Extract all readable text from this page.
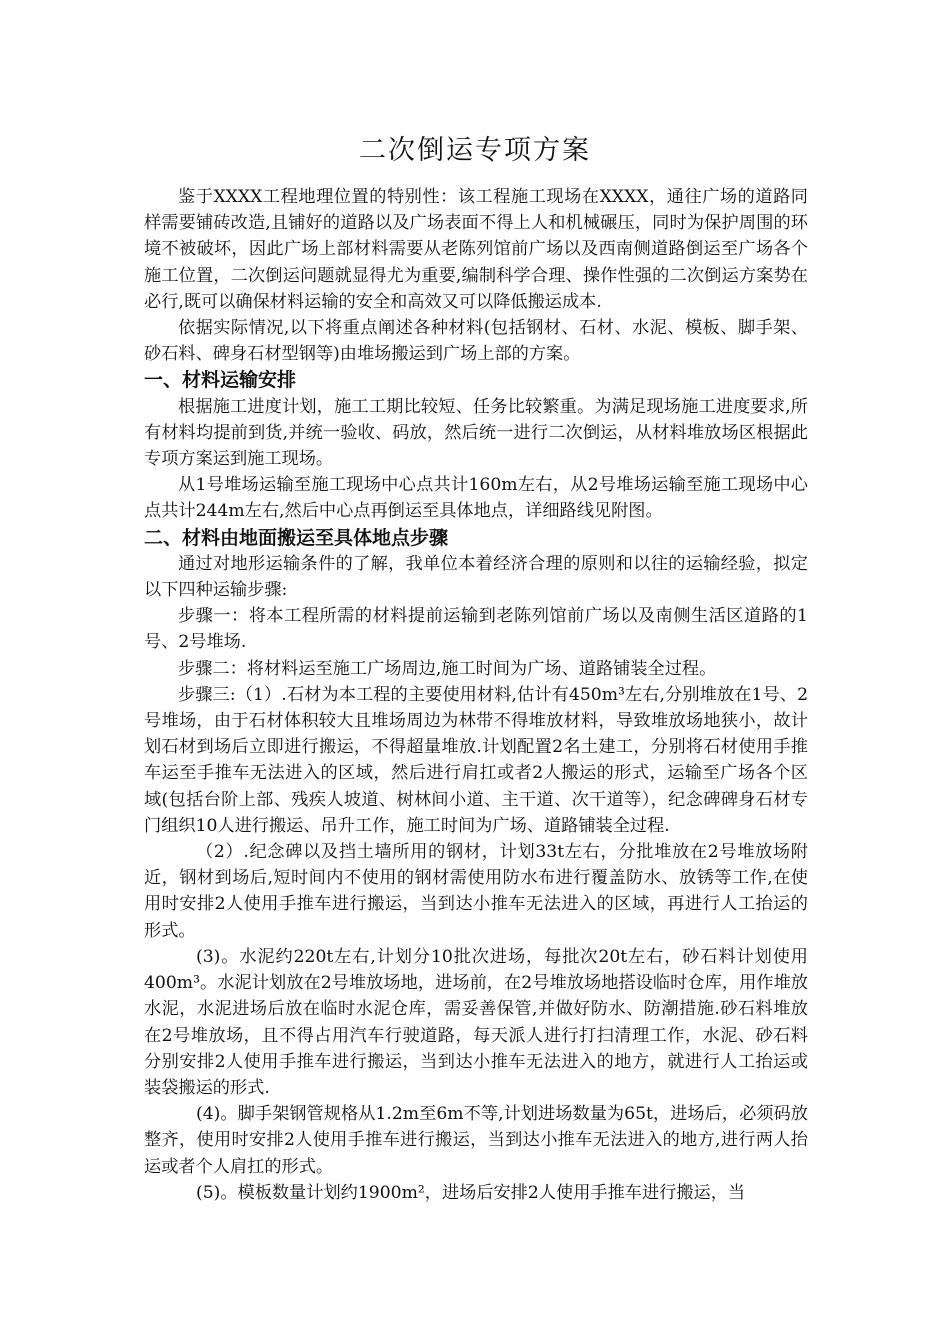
二次倒运专项方案

鉴于XXXX工程地理位置的特别性：该工程施工现场在XXXX，通往广场的道路同样需要铺砖改造,且铺好的道路以及广场表面不得上人和机械碾压，同时为保护周围的环境不被破坏，因此广场上部材料需要从老陈列馆前广场以及西南侧道路倒运至广场各个施工位置，二次倒运问题就显得尤为重要,编制科学合理、操作性强的二次倒运方案势在必行,既可以确保材料运输的安全和高效又可以降低搬运成本.

依据实际情况,以下将重点阐述各种材料(包括钢材、石材、水泥、模板、脚手架、砂石料、碑身石材型钢等)由堆场搬运到广场上部的方案。

一、材料运输安排

根据施工进度计划，施工工期比较短、任务比较繁重。为满足现场施工进度要求,所有材料均提前到货,并统一验收、码放，然后统一进行二次倒运，从材料堆放场区根据此专项方案运到施工现场。

从1号堆场运输至施工现场中心点共计160m左右，从2号堆场运输至施工现场中心点共计244m左右,然后中心点再倒运至具体地点，详细路线见附图。

二、材料由地面搬运至具体地点步骤

通过对地形运输条件的了解，我单位本着经济合理的原则和以往的运输经验，拟定以下四种运输步骤:

步骤一：将本工程所需的材料提前运输到老陈列馆前广场以及南侧生活区道路的1号、2号堆场.

步骤二：将材料运至施工广场周边,施工时间为广场、道路铺装全过程。

步骤三:（1）.石材为本工程的主要使用材料,估计有450m³左右,分别堆放在1号、2号堆场，由于石材体积较大且堆场周边为林带不得堆放材料，导致堆放场地狭小，故计划石材到场后立即进行搬运，不得超量堆放.计划配置2名土建工，分别将石材使用手推车运至手推车无法进入的区域，然后进行肩扛或者2人搬运的形式，运输至广场各个区域(包括台阶上部、残疾人坡道、树林间小道、主干道、次干道等），纪念碑碑身石材专门组织10人进行搬运、吊升工作，施工时间为广场、道路铺装全过程.

（2）.纪念碑以及挡土墙所用的钢材，计划33t左右，分批堆放在2号堆放场附近，钢材到场后,短时间内不使用的钢材需使用防水布进行覆盖防水、放锈等工作,在使用时安排2人使用手推车进行搬运，当到达小推车无法进入的区域，再进行人工抬运的形式。

(3)。水泥约220t左右,计划分10批次进场，每批次20t左右，砂石料计划使用400m³。水泥计划放在2号堆放场地，进场前，在2号堆放场地搭设临时仓库，用作堆放水泥，水泥进场后放在临时水泥仓库，需妥善保管,并做好防水、防潮措施.砂石料堆放在2号堆放场，且不得占用汽车行驶道路，每天派人进行打扫清理工作，水泥、砂石料分别安排2人使用手推车进行搬运，当到达小推车无法进入的地方，就进行人工抬运或装袋搬运的形式.

(4)。脚手架钢管规格从1.2m至6m不等,计划进场数量为65t，进场后，必须码放整齐，使用时安排2人使用手推车进行搬运，当到达小推车无法进入的地方,进行两人抬运或者个人肩扛的形式。

(5)。模板数量计划约1900m²，进场后安排2人使用手推车进行搬运，当
